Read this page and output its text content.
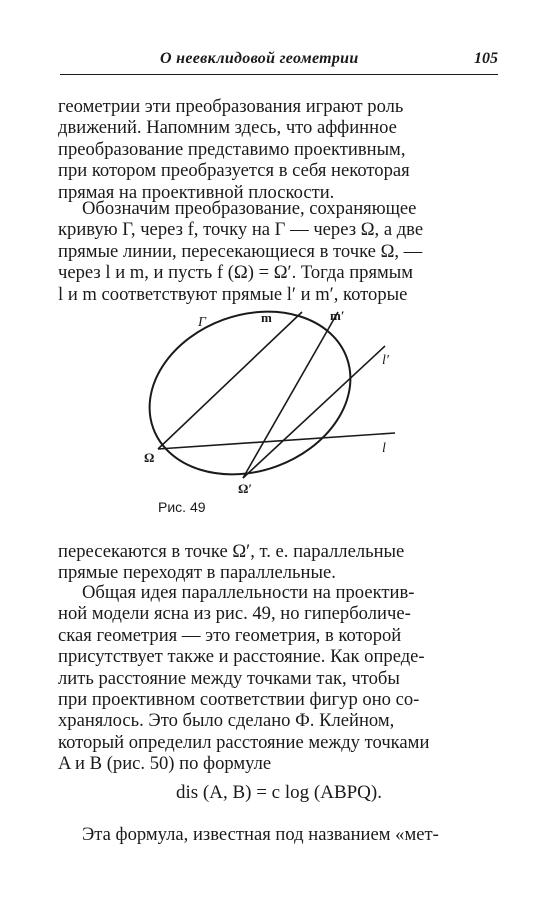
О неевклидовой геометрии	105
геометрии эти преобразования играют роль
движений. Напомним здесь, что аффинное
преобразование представимо проективным,
при котором преобразуется в себя некоторая
прямая на проективной плоскости.
Обозначим преобразование, сохраняющее
кривую Г, через f, точку на Г — через Ω, а две
прямые линии, пересекающиеся в точке Ω, —
через l и m, и пусть f (Ω) = Ω′. Тогда прямым
l и m соответствуют прямые l′ и m′, которые
Г	m	m′
l′
l
Ω
Ω′
Рис. 49
пересекаются в точке Ω′, т. е. параллельные
прямые переходят в параллельные.
Общая идея параллельности на проектив-
ной модели ясна из рис. 49, но гиперболиче-
ская геометрия — это геометрия, в которой
присутствует также и расстояние. Как опреде-
лить расстояние между точками так, чтобы
при проективном соответствии фигур оно со-
хранялось. Это было сделано Ф. Клейном,
который определил расстояние между точками
A и B (рис. 50) по формуле
dis (A, B) = c log (ABPQ).
Эта формула, известная под названием «мет-
